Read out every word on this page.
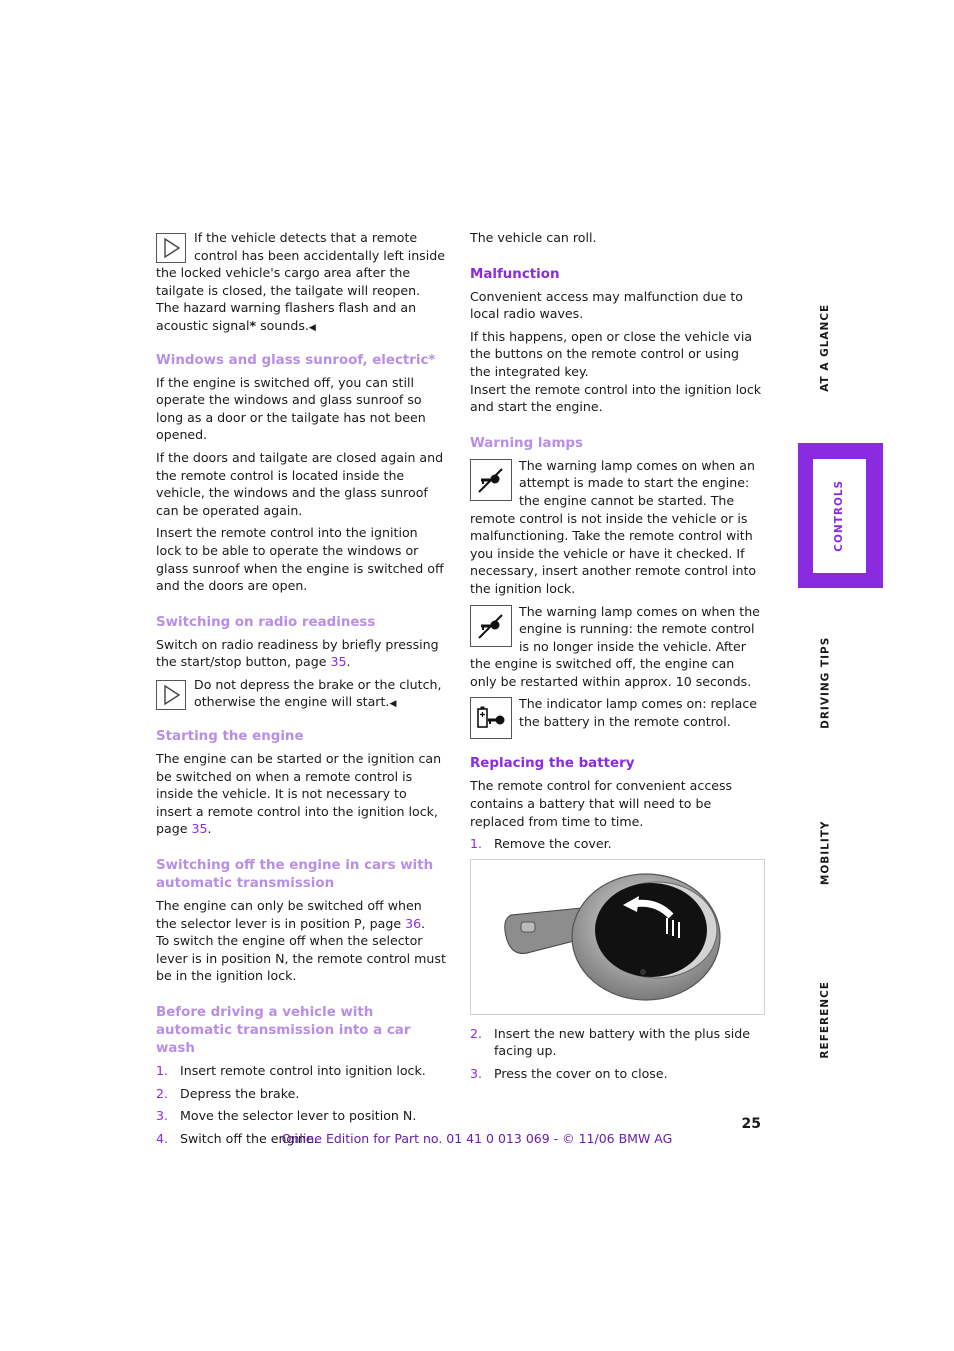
If the vehicle detects that a remote control has been accidentally left inside the locked vehicle's cargo area after the tailgate is closed, the tailgate will reopen. The hazard warning flashers flash and an acoustic signal* sounds.◀
Windows and glass sunroof, electric*

If the engine is switched off, you can still operate the windows and glass sunroof so long as a door or the tailgate has not been opened.

If the doors and tailgate are closed again and the remote control is located inside the vehicle, the windows and the glass sunroof can be operated again.

Insert the remote control into the ignition lock to be able to operate the windows or glass sunroof when the engine is switched off and the doors are open.

Switching on radio readiness

Switch on radio readiness by briefly pressing the start/stop button, page 35.

Do not depress the brake or the clutch, otherwise the engine will start.◀
Starting the engine

The engine can be started or the ignition can be switched on when a remote control is inside the vehicle. It is not necessary to insert a remote control into the ignition lock, page 35.

Switching off the engine in cars with automatic transmission

The engine can only be switched off when the selector lever is in position P, page 36.
To switch the engine off when the selector lever is in position N, the remote control must be in the ignition lock.

Before driving a vehicle with automatic transmission into a car wash
1. Insert remote control into ignition lock.
2. Depress the brake.
3. Move the selector lever to position N.
4. Switch off the engine.

The vehicle can roll.

Malfunction

Convenient access may malfunction due to local radio waves.

If this happens, open or close the vehicle via the buttons on the remote control or using the integrated key.

Insert the remote control into the ignition lock and start the engine.

Warning lamps

The warning lamp comes on when an attempt is made to start the engine: the engine cannot be started. The remote control is not inside the vehicle or is malfunctioning. Take the remote control with you inside the vehicle or have it checked. If necessary, insert another remote control into the ignition lock.

The warning lamp comes on when the engine is running: the remote control is no longer inside the vehicle. After the engine is switched off, the engine can only be restarted within approx. 10 seconds.

The indicator lamp comes on: replace the battery in the remote control.

Replacing the battery

The remote control for convenient access contains a battery that will need to be replaced from time to time.

1. Remove the cover.
2. Insert the new battery with the plus side facing up.
3. Press the cover on to close.
AT A GLANCE
CONTROLS
DRIVING TIPS
MOBILITY
REFERENCE
25
Online Edition for Part no. 01 41 0 013 069 - © 11/06 BMW AG
